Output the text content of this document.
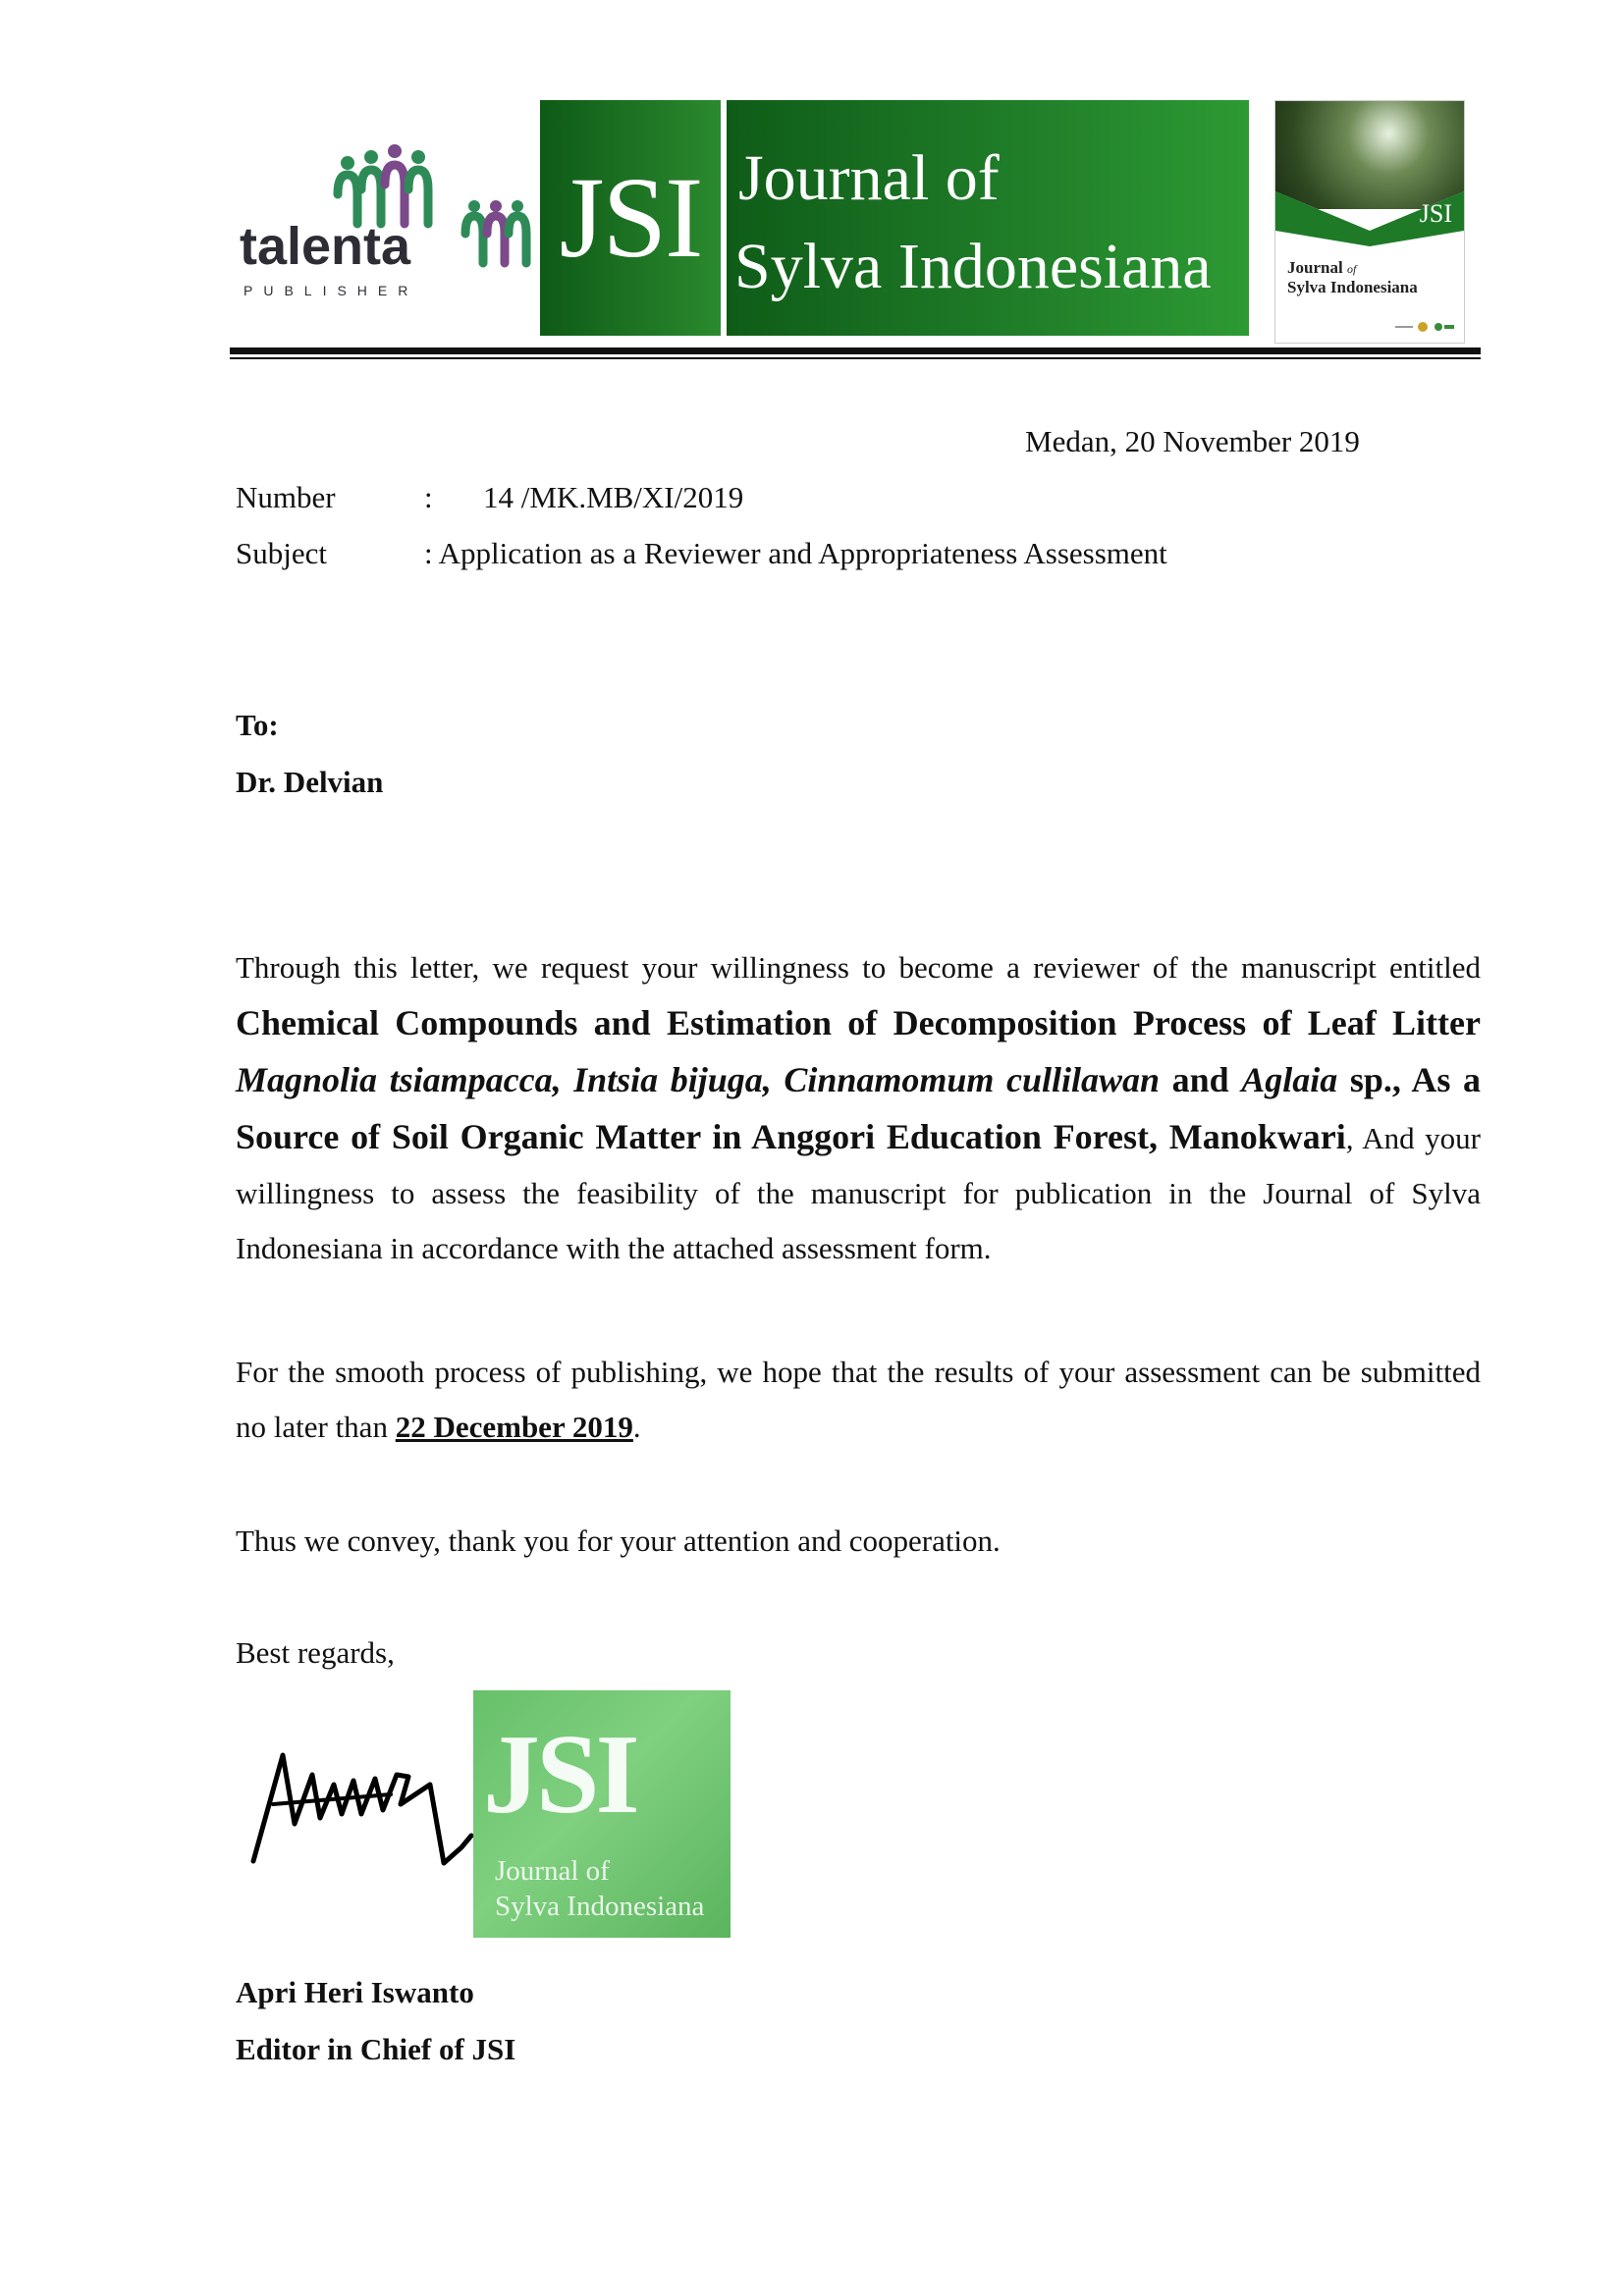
talenta
PUBLISHER
JSI Journal of
Sylva Indonesiana
JSI
Journal of
Sylva Indonesiana
Medan, 20 November 2019
Number	: 14 /MK.MB/XI/2019
Subject	: Application as a Reviewer and Appropriateness Assessment
To:
Dr. Delvian
Through this letter, we request your willingness to become a reviewer of the manuscript entitled Chemical Compounds and Estimation of Decomposition Process of Leaf Litter Magnolia tsiampacca, Intsia bijuga, Cinnamomum cullilawan and Aglaia sp., As a Source of Soil Organic Matter in Anggori Education Forest, Manokwari, And your willingness to assess the feasibility of the manuscript for publication in the Journal of Sylva Indonesiana in accordance with the attached assessment form.
For the smooth process of publishing, we hope that the results of your assessment can be submitted no later than 22 December 2019.
Thus we convey, thank you for your attention and cooperation.
Best regards,
JSI
Journal of
Sylva Indonesiana
Apri Heri Iswanto
Editor in Chief of JSI
